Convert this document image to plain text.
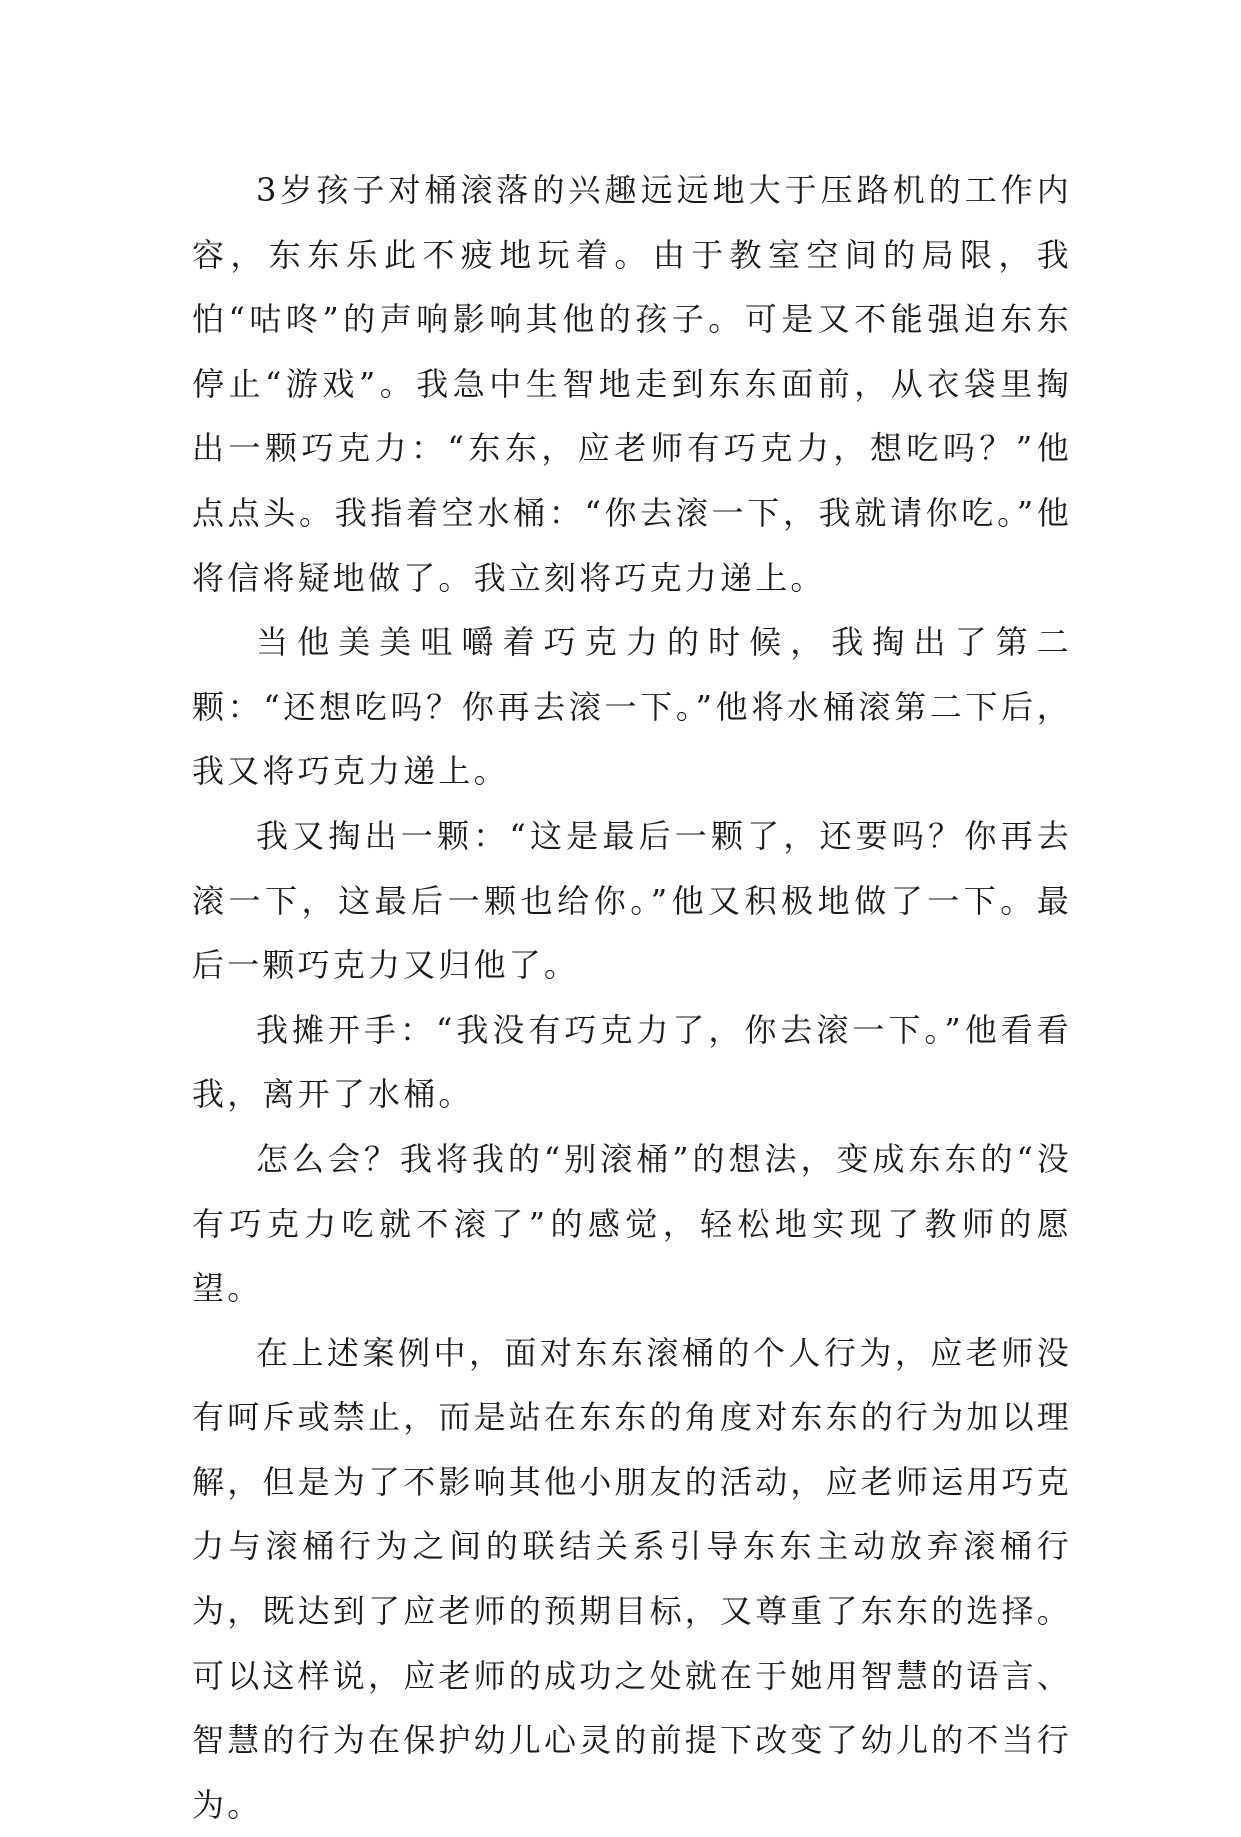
3岁孩子对桶滚落的兴趣远远地大于压路机的工作内容，东东乐此不疲地玩着。由于教室空间的局限，我怕“咕咚”的声响影响其他的孩子。可是又不能强迫东东停止“游戏”。我急中生智地走到东东面前，从衣袋里掏出一颗巧克力：“东东，应老师有巧克力，想吃吗？”他点点头。我指着空水桶：“你去滚一下，我就请你吃。”他将信将疑地做了。我立刻将巧克力递上。

当他美美咀嚼着巧克力的时候，我掏出了第二颗：“还想吃吗？你再去滚一下。”他将水桶滚第二下后，我又将巧克力递上。

我又掏出一颗：“这是最后一颗了，还要吗？你再去滚一下，这最后一颗也给你。”他又积极地做了一下。最后一颗巧克力又归他了。

我摊开手：“我没有巧克力了，你去滚一下。”他看看我，离开了水桶。

怎么会？我将我的“别滚桶”的想法，变成东东的“没有巧克力吃就不滚了”的感觉，轻松地实现了教师的愿望。

在上述案例中，面对东东滚桶的个人行为，应老师没有呵斥或禁止，而是站在东东的角度对东东的行为加以理解，但是为了不影响其他小朋友的活动，应老师运用巧克力与滚桶行为之间的联结关系引导东东主动放弃滚桶行为，既达到了应老师的预期目标，又尊重了东东的选择。可以这样说，应老师的成功之处就在于她用智慧的语言、智慧的行为在保护幼儿心灵的前提下改变了幼儿的不当行为。
